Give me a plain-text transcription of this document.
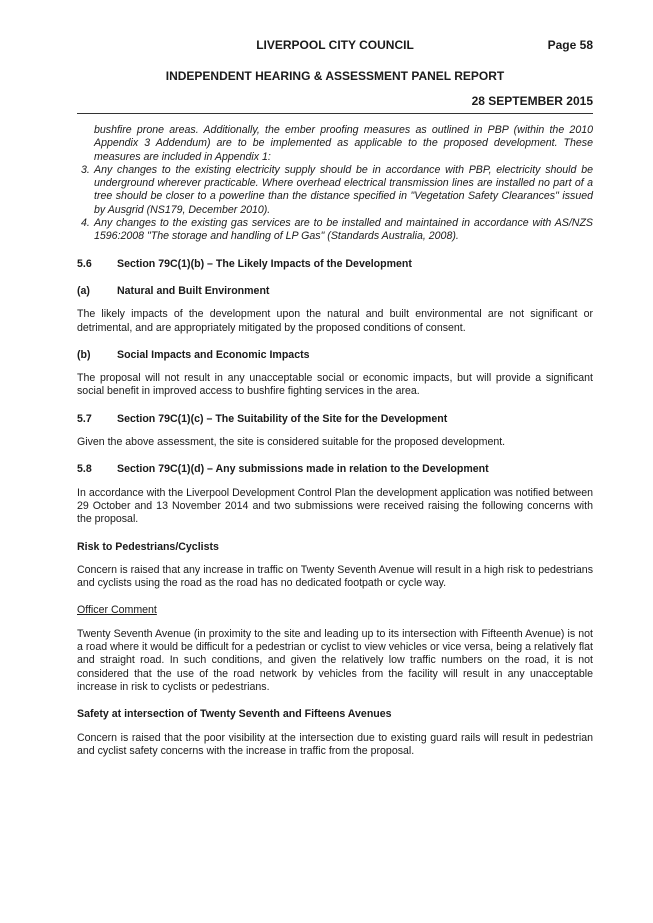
LIVERPOOL CITY COUNCIL	Page 58
INDEPENDENT HEARING & ASSESSMENT PANEL REPORT
28 SEPTEMBER 2015

bushfire prone areas. Additionally, the ember proofing measures as outlined in PBP (within the 2010 Appendix 3 Addendum) are to be implemented as applicable to the proposed development. These measures are included in Appendix 1:

3. Any changes to the existing electricity supply should be in accordance with PBP, electricity should be underground wherever practicable. Where overhead electrical transmission lines are installed no part of a tree should be closer to a powerline than the distance specified in "Vegetation Safety Clearances" issued by Ausgrid (NS179, December 2010).
4. Any changes to the existing gas services are to be installed and maintained in accordance with AS/NZS 1596:2008 "The storage and handling of LP Gas" (Standards Australia, 2008).
5.6	Section 79C(1)(b) – The Likely Impacts of the Development
(a)	Natural and Built Environment

The likely impacts of the development upon the natural and built environmental are not significant or detrimental, and are appropriately mitigated by the proposed conditions of consent.

(b)	Social Impacts and Economic Impacts

The proposal will not result in any unacceptable social or economic impacts, but will provide a significant social benefit in improved access to bushfire fighting services in the area.

5.7	Section 79C(1)(c) – The Suitability of the Site for the Development

Given the above assessment, the site is considered suitable for the proposed development.

5.8	Section 79C(1)(d) – Any submissions made in relation to the Development

In accordance with the Liverpool Development Control Plan the development application was notified between 29 October and 13 November 2014 and two submissions were received raising the following concerns with the proposal.

Risk to Pedestrians/Cyclists

Concern is raised that any increase in traffic on Twenty Seventh Avenue will result in a high risk to pedestrians and cyclists using the road as the road has no dedicated footpath or cycle way.

Officer Comment

Twenty Seventh Avenue (in proximity to the site and leading up to its intersection with Fifteenth Avenue) is not a road where it would be difficult for a pedestrian or cyclist to view vehicles or vice versa, being a relatively flat and straight road. In such conditions, and given the relatively low traffic numbers on the road, it is not considered that the use of the road network by vehicles from the facility will result in any unacceptable increase in risk to cyclists or pedestrians.

Safety at intersection of Twenty Seventh and Fifteens Avenues

Concern is raised that the poor visibility at the intersection due to existing guard rails will result in pedestrian and cyclist safety concerns with the increase in traffic from the proposal.
